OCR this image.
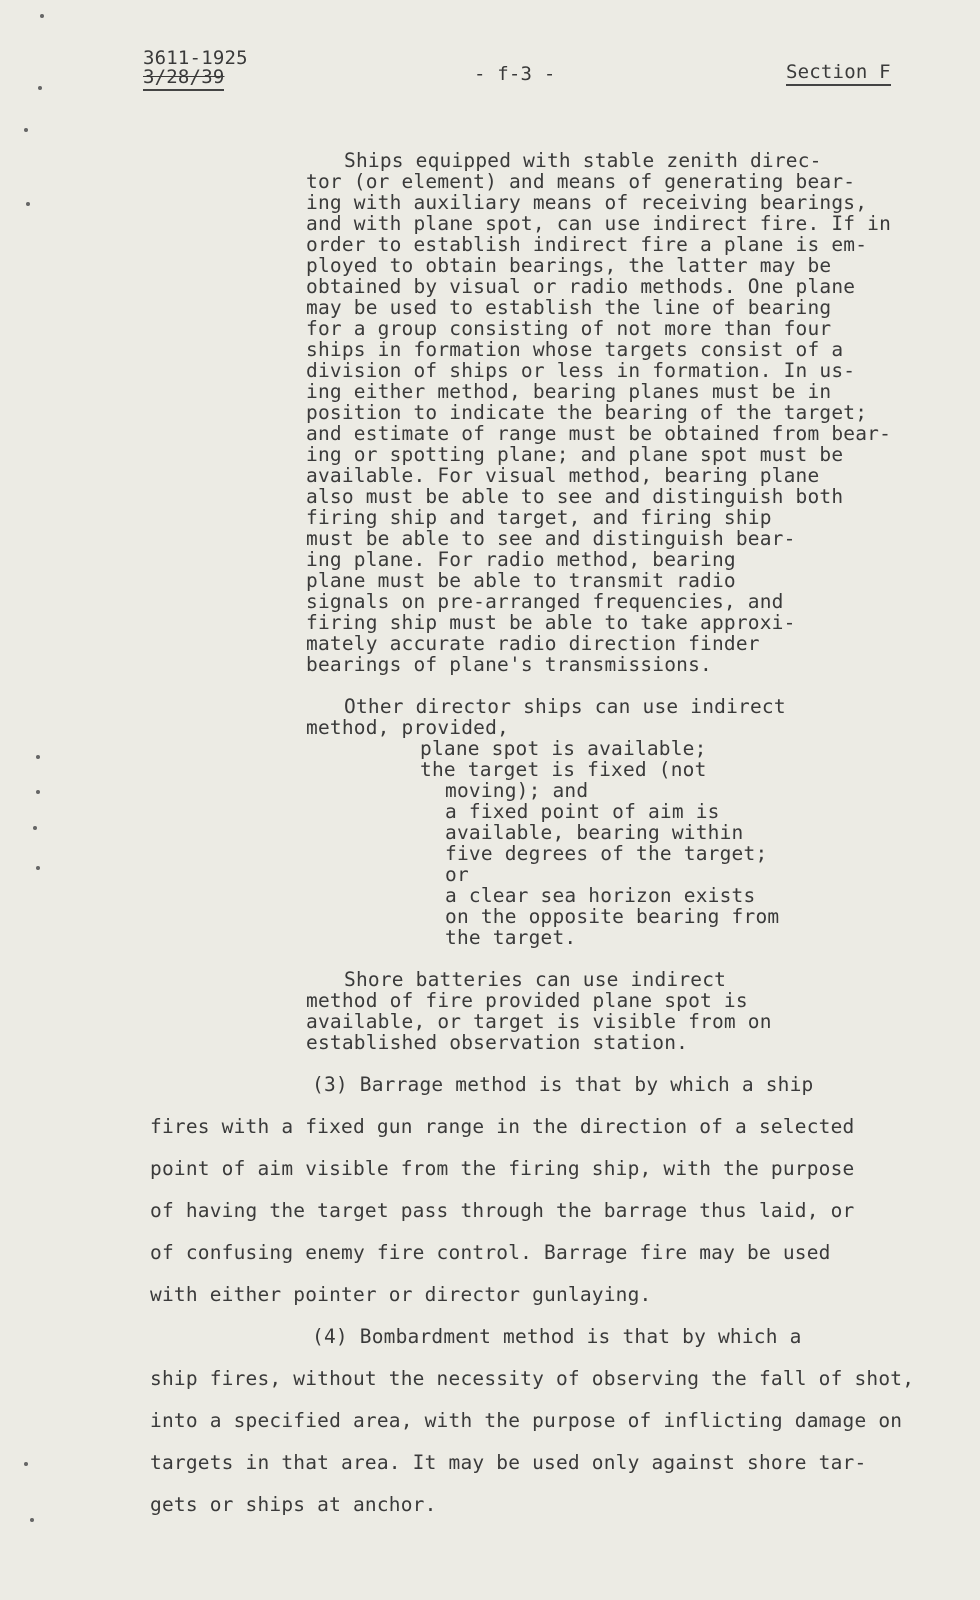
3611-1925
3/28/39	- f-3 -	Section F
Ships equipped with stable zenith direc-
tor (or element) and means of generating bear-
ing with auxiliary means of receiving bearings,
and with plane spot, can use indirect fire. If in
order to establish indirect fire a plane is em-
ployed to obtain bearings, the latter may be
obtained by visual or radio methods. One plane
may be used to establish the line of bearing
for a group consisting of not more than four
ships in formation whose targets consist of a
division of ships or less in formation. In us-
ing either method, bearing planes must be in
position to indicate the bearing of the target;
and estimate of range must be obtained from bear-
ing or spotting plane; and plane spot must be
available. For visual method, bearing plane
also must be able to see and distinguish both
firing ship and target, and firing ship
must be able to see and distinguish bear-
ing plane. For radio method, bearing
plane must be able to transmit radio
signals on pre-arranged frequencies, and
firing ship must be able to take approxi-
mately accurate radio direction finder
bearings of plane's transmissions.
Other director ships can use indirect
method, provided,
plane spot is available;
the target is fixed (not
moving); and
a fixed point of aim is
available, bearing within
five degrees of the target;
or
a clear sea horizon exists
on the opposite bearing from
the target.
Shore batteries can use indirect
method of fire provided plane spot is
available, or target is visible from on
established observation station.
(3) Barrage method is that by which a ship
fires with a fixed gun range in the direction of a selected
point of aim visible from the firing ship, with the purpose
of having the target pass through the barrage thus laid, or
of confusing enemy fire control. Barrage fire may be used
with either pointer or director gunlaying.
(4) Bombardment method is that by which a
ship fires, without the necessity of observing the fall of shot,
into a specified area, with the purpose of inflicting damage on
targets in that area. It may be used only against shore tar-
gets or ships at anchor.
